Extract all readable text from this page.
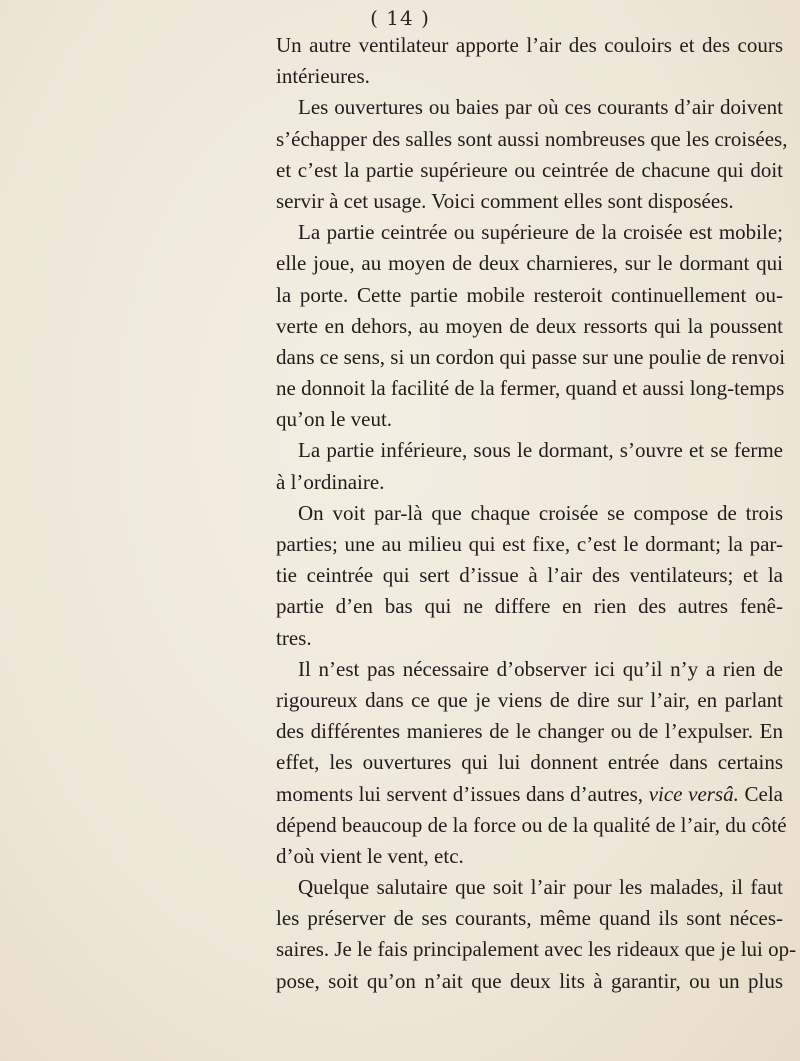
( 14 )
Un autre ventilateur apporte l’air des couloirs et des cours
intérieures.
Les ouvertures ou baies par où ces courants d’air doivent
s’échapper des salles sont aussi nombreuses que les croisées,
et c’est la partie supérieure ou ceintrée de chacune qui doit
servir à cet usage. Voici comment elles sont disposées.
La partie ceintrée ou supérieure de la croisée est mobile;
elle joue, au moyen de deux charnieres, sur le dormant qui
la porte. Cette partie mobile resteroit continuellement ou-
verte en dehors, au moyen de deux ressorts qui la poussent
dans ce sens, si un cordon qui passe sur une poulie de renvoi
ne donnoit la facilité de la fermer, quand et aussi long-temps
qu’on le veut.
La partie inférieure, sous le dormant, s’ouvre et se ferme
à l’ordinaire.
On voit par-là que chaque croisée se compose de trois
parties; une au milieu qui est fixe, c’est le dormant; la par-
tie ceintrée qui sert d’issue à l’air des ventilateurs; et la
partie d’en bas qui ne differe en rien des autres fenê-
tres.
Il n’est pas nécessaire d’observer ici qu’il n’y a rien de
rigoureux dans ce que je viens de dire sur l’air, en parlant
des différentes manieres de le changer ou de l’expulser. En
effet, les ouvertures qui lui donnent entrée dans certains
moments lui servent d’issues dans d’autres, vice versâ. Cela
dépend beaucoup de la force ou de la qualité de l’air, du côté
d’où vient le vent, etc.
Quelque salutaire que soit l’air pour les malades, il faut
les préserver de ses courants, même quand ils sont néces-
saires. Je le fais principalement avec les rideaux que je lui op-
pose, soit qu’on n’ait que deux lits à garantir, ou un plus
